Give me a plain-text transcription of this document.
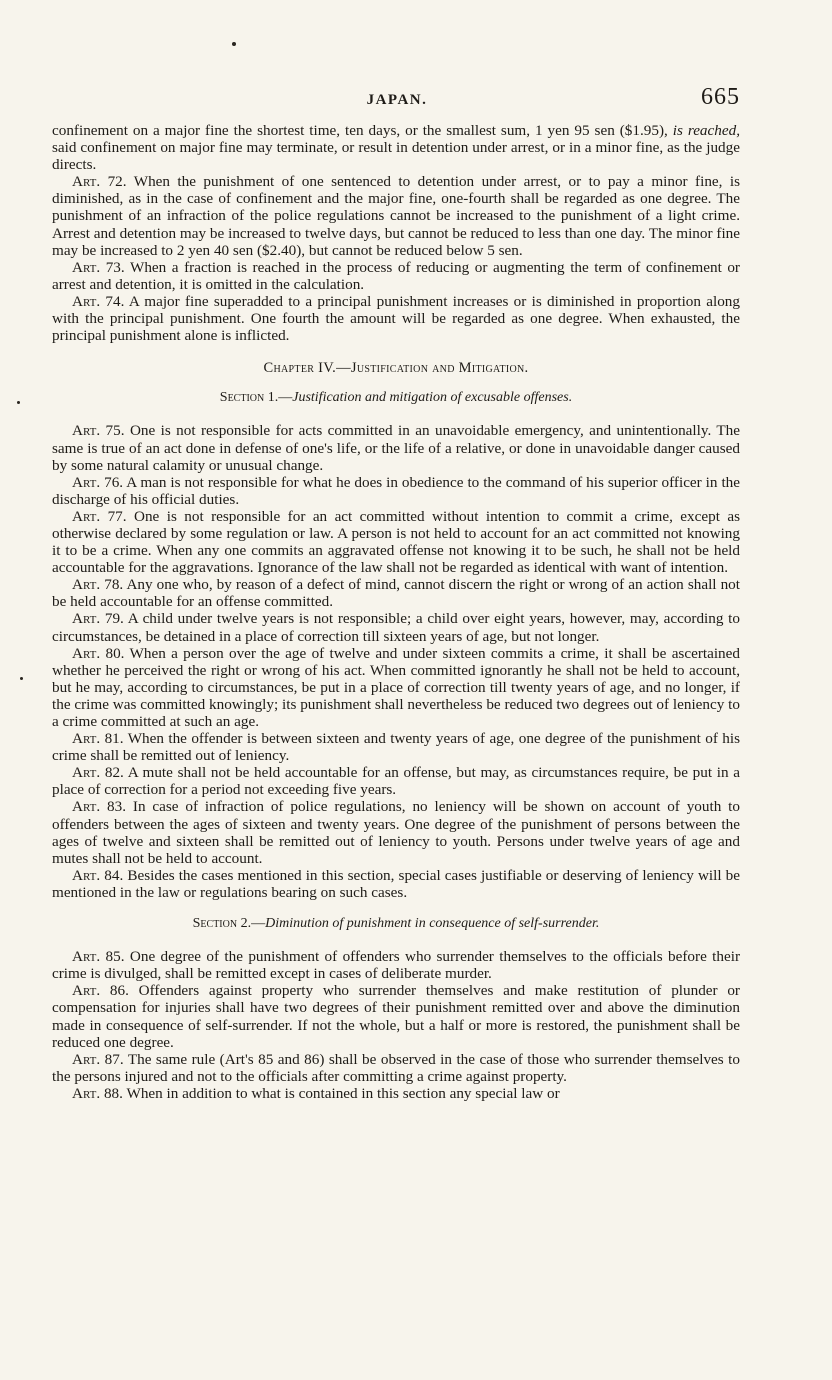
JAPAN.	665

confinement on a major fine the shortest time, ten days, or the smallest sum, 1 yen 95 sen ($1.95), is reached, said confinement on major fine may terminate, or result in detention under arrest, or in a minor fine, as the judge directs.

Art. 72. When the punishment of one sentenced to detention under arrest, or to pay a minor fine, is diminished, as in the case of confinement and the major fine, one-fourth shall be regarded as one degree. The punishment of an infraction of the police regulations cannot be increased to the punishment of a light crime. Arrest and detention may be increased to twelve days, but cannot be reduced to less than one day. The minor fine may be increased to 2 yen 40 sen ($2.40), but cannot be reduced below 5 sen.

Art. 73. When a fraction is reached in the process of reducing or augmenting the term of confinement or arrest and detention, it is omitted in the calculation.

Art. 74. A major fine superadded to a principal punishment increases or is diminished in proportion along with the principal punishment. One fourth the amount will be regarded as one degree. When exhausted, the principal punishment alone is inflicted.

Chapter IV.—Justification and Mitigation.
Section 1.—Justification and mitigation of excusable offenses.

Art. 75. One is not responsible for acts committed in an unavoidable emergency, and unintentionally. The same is true of an act done in defense of one's life, or the life of a relative, or done in unavoidable danger caused by some natural calamity or unusual change.

Art. 76. A man is not responsible for what he does in obedience to the command of his superior officer in the discharge of his official duties.

Art. 77. One is not responsible for an act committed without intention to commit a crime, except as otherwise declared by some regulation or law. A person is not held to account for an act committed not knowing it to be a crime. When any one commits an aggravated offense not knowing it to be such, he shall not be held accountable for the aggravations. Ignorance of the law shall not be regarded as identical with want of intention.

Art. 78. Any one who, by reason of a defect of mind, cannot discern the right or wrong of an action shall not be held accountable for an offense committed.

Art. 79. A child under twelve years is not responsible; a child over eight years, however, may, according to circumstances, be detained in a place of correction till sixteen years of age, but not longer.

Art. 80. When a person over the age of twelve and under sixteen commits a crime, it shall be ascertained whether he perceived the right or wrong of his act. When committed ignorantly he shall not be held to account, but he may, according to circumstances, be put in a place of correction till twenty years of age, and no longer, if the crime was committed knowingly; its punishment shall nevertheless be reduced two degrees out of leniency to a crime committed at such an age.

Art. 81. When the offender is between sixteen and twenty years of age, one degree of the punishment of his crime shall be remitted out of leniency.

Art. 82. A mute shall not be held accountable for an offense, but may, as circumstances require, be put in a place of correction for a period not exceeding five years.

Art. 83. In case of infraction of police regulations, no leniency will be shown on account of youth to offenders between the ages of sixteen and twenty years. One degree of the punishment of persons between the ages of twelve and sixteen shall be remitted out of leniency to youth. Persons under twelve years of age and mutes shall not be held to account.

Art. 84. Besides the cases mentioned in this section, special cases justifiable or deserving of leniency will be mentioned in the law or regulations bearing on such cases.

Section 2.—Diminution of punishment in consequence of self-surrender.

Art. 85. One degree of the punishment of offenders who surrender themselves to the officials before their crime is divulged, shall be remitted except in cases of deliberate murder.

Art. 86. Offenders against property who surrender themselves and make restitution of plunder or compensation for injuries shall have two degrees of their punishment remitted over and above the diminution made in consequence of self-surrender. If not the whole, but a half or more is restored, the punishment shall be reduced one degree.

Art. 87. The same rule (Art's 85 and 86) shall be observed in the case of those who surrender themselves to the persons injured and not to the officials after committing a crime against property.

Art. 88. When in addition to what is contained in this section any special law or
